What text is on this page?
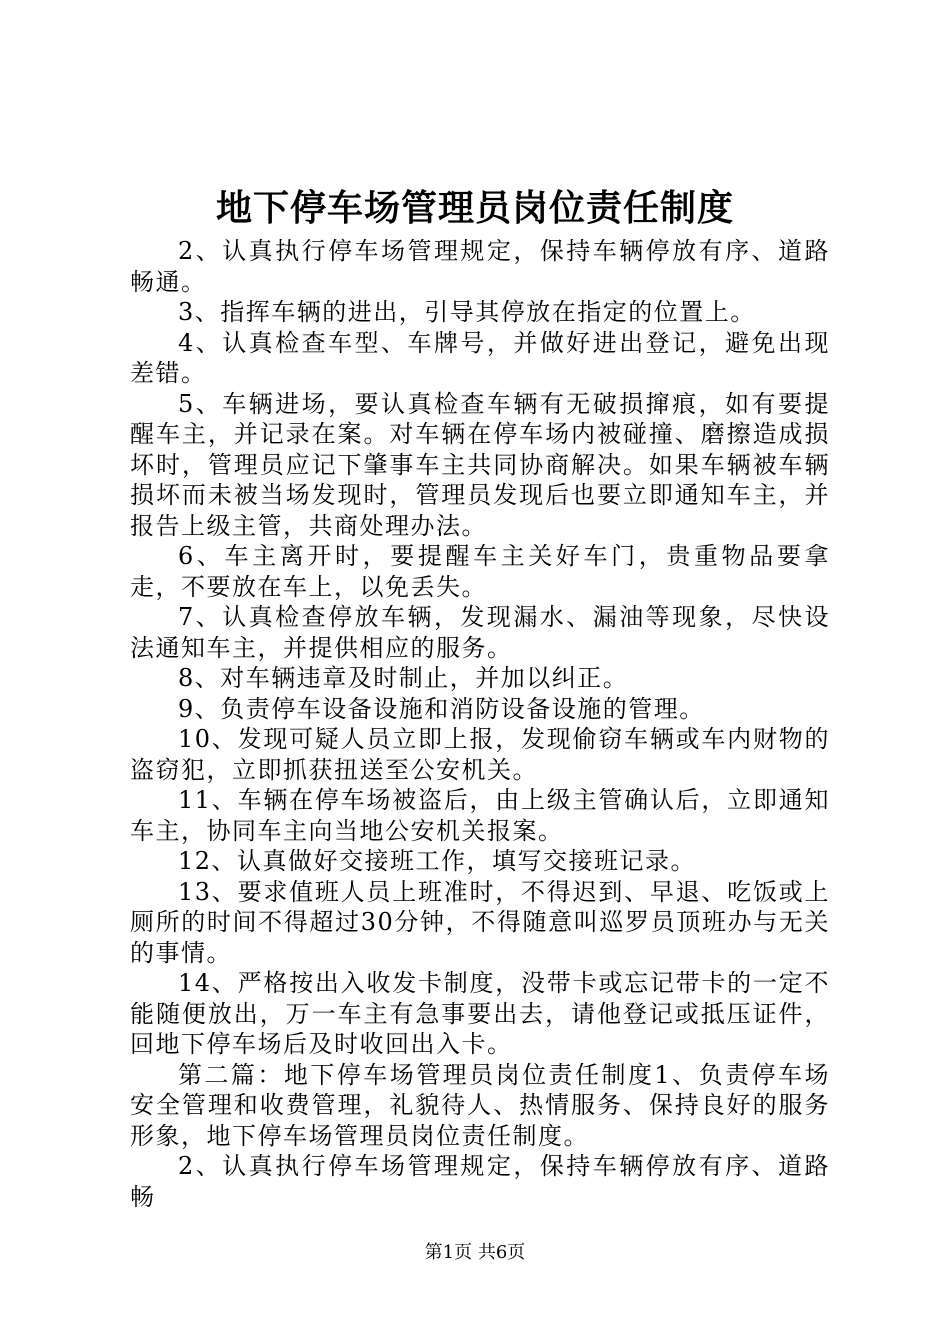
地下停车场管理员岗位责任制度

2、认真执行停车场管理规定，保持车辆停放有序、道路畅通。

3、指挥车辆的进出，引导其停放在指定的位置上。

4、认真检查车型、车牌号，并做好进出登记，避免出现差错。

5、车辆进场，要认真检查车辆有无破损撺痕，如有要提醒车主，并记录在案。对车辆在停车场内被碰撞、磨擦造成损坏时，管理员应记下肇事车主共同协商解决。如果车辆被车辆损坏而未被当场发现时，管理员发现后也要立即通知车主，并报告上级主管，共商处理办法。

6、车主离开时，要提醒车主关好车门，贵重物品要拿走，不要放在车上，以免丢失。

7、认真检查停放车辆，发现漏水、漏油等现象，尽快设法通知车主，并提供相应的服务。

8、对车辆违章及时制止，并加以纠正。

9、负责停车设备设施和消防设备设施的管理。

10、发现可疑人员立即上报，发现偷窃车辆或车内财物的盗窃犯，立即抓获扭送至公安机关。

11、车辆在停车场被盗后，由上级主管确认后，立即通知车主，协同车主向当地公安机关报案。

12、认真做好交接班工作，填写交接班记录。

13、要求值班人员上班准时，不得迟到、早退、吃饭或上厕所的时间不得超过30分钟，不得随意叫巡罗员顶班办与无关的事情。

14、严格按出入收发卡制度，没带卡或忘记带卡的一定不能随便放出，万一车主有急事要出去，请他登记或抵压证件，回地下停车场后及时收回出入卡。

第二篇：地下停车场管理员岗位责任制度1、负责停车场安全管理和收费管理，礼貌待人、热情服务、保持良好的服务形象，地下停车场管理员岗位责任制度。

2、认真执行停车场管理规定，保持车辆停放有序、道路畅

第1页 共6页
